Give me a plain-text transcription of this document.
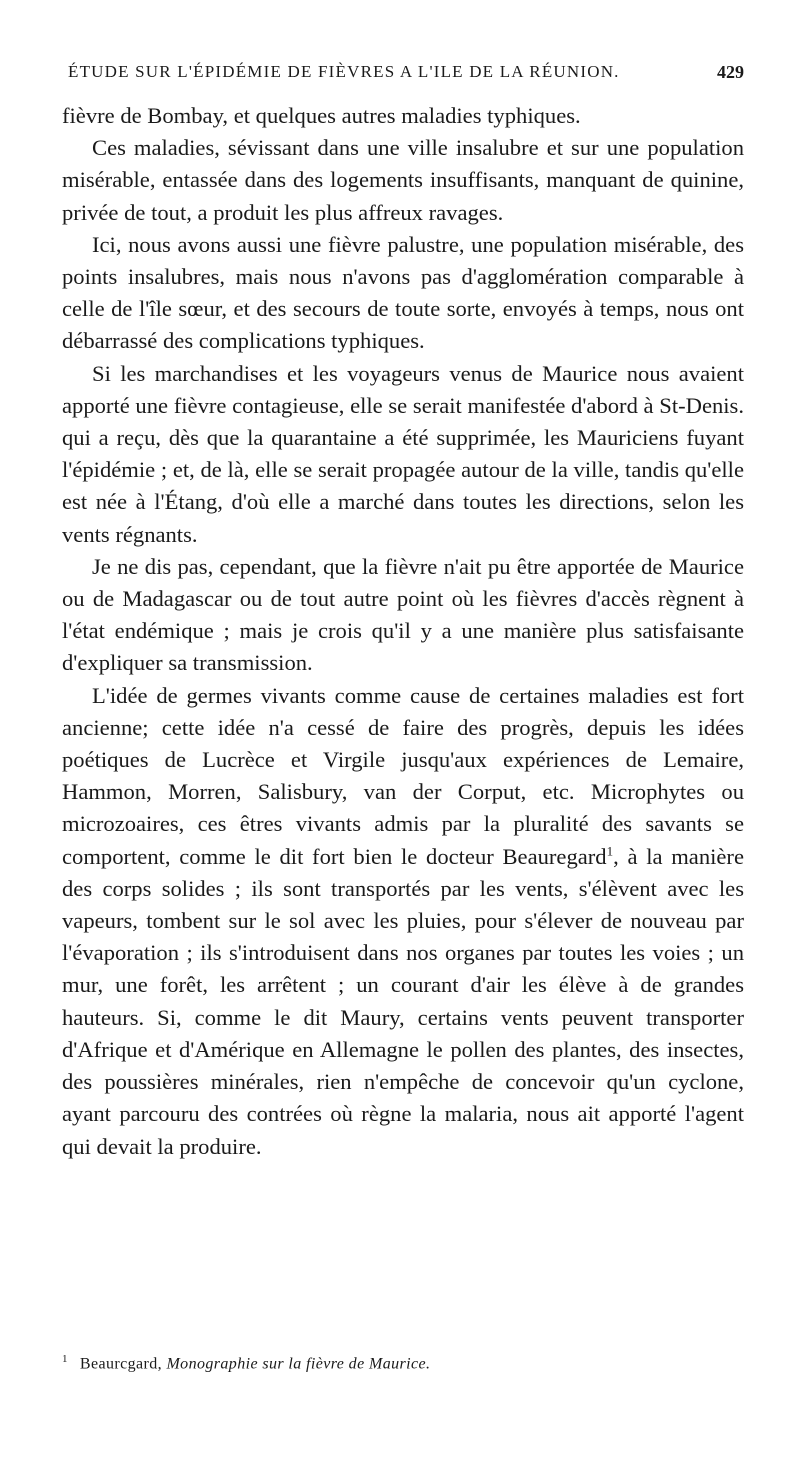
ÉTUDE SUR L'ÉPIDÉMIE DE FIÈVRES A L'ILE DE LA RÉUNION.	429

fièvre de Bombay, et quelques autres maladies typhiques.

Ces maladies, sévissant dans une ville insalubre et sur une population misérable, entassée dans des logements insuffisants, manquant de quinine, privée de tout, a produit les plus affreux ravages.

Ici, nous avons aussi une fièvre palustre, une population misérable, des points insalubres, mais nous n'avons pas d'agglomération comparable à celle de l'île sœur, et des secours de toute sorte, envoyés à temps, nous ont débarrassé des complications typhiques.

Si les marchandises et les voyageurs venus de Maurice nous avaient apporté une fièvre contagieuse, elle se serait manifestée d'abord à St-Denis. qui a reçu, dès que la quarantaine a été supprimée, les Mauriciens fuyant l'épidémie ; et, de là, elle se serait propagée autour de la ville, tandis qu'elle est née à l'Étang, d'où elle a marché dans toutes les directions, selon les vents régnants.

Je ne dis pas, cependant, que la fièvre n'ait pu être apportée de Maurice ou de Madagascar ou de tout autre point où les fièvres d'accès règnent à l'état endémique ; mais je crois qu'il y a une manière plus satisfaisante d'expliquer sa transmission.

L'idée de germes vivants comme cause de certaines maladies est fort ancienne; cette idée n'a cessé de faire des progrès, depuis les idées poétiques de Lucrèce et Virgile jusqu'aux expériences de Lemaire, Hammon, Morren, Salisbury, van der Corput, etc. Microphytes ou microzoaires, ces êtres vivants admis par la pluralité des savants se comportent, comme le dit fort bien le docteur Beauregard$^1$, à la manière des corps solides ; ils sont transportés par les vents, s'élèvent avec les vapeurs, tombent sur le sol avec les pluies, pour s'élever de nouveau par l'évaporation ; ils s'introduisent dans nos organes par toutes les voies ; un mur, une forêt, les arrêtent ; un courant d'air les élève à de grandes hauteurs. Si, comme le dit Maury, certains vents peuvent transporter d'Afrique et d'Amérique en Allemagne le pollen des plantes, des insectes, des poussières minérales, rien n'empêche de concevoir qu'un cyclone, ayant parcouru des contrées où règne la malaria, nous ait apporté l'agent qui devait la produire.

$^1$ Beaurcgard, Monographie sur la fièvre de Maurice.
